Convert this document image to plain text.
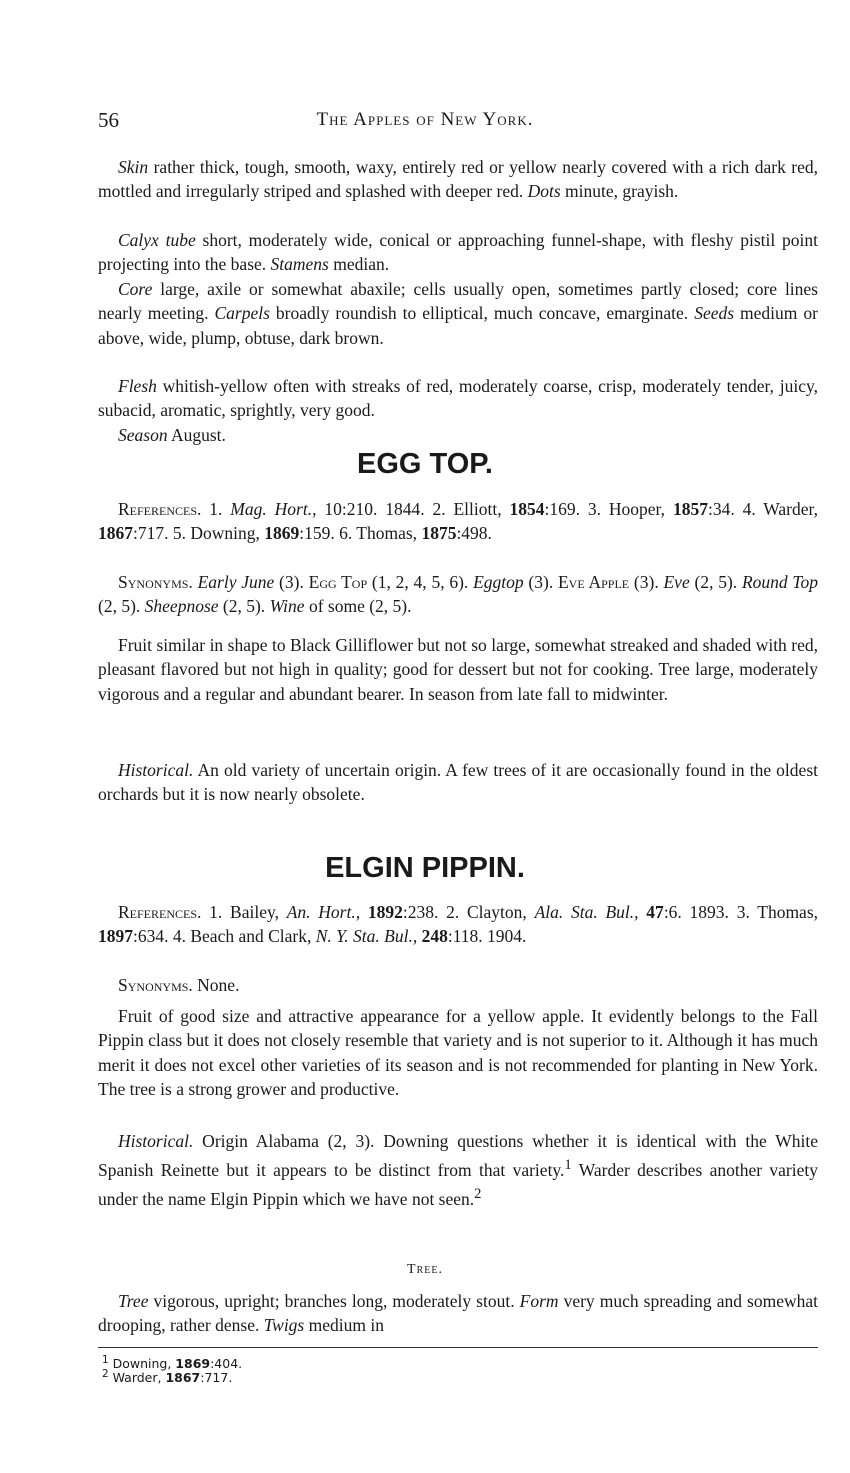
56	The Apples of New York.
Skin rather thick, tough, smooth, waxy, entirely red or yellow nearly covered with a rich dark red, mottled and irregularly striped and splashed with deeper red. Dots minute, grayish.
Calyx tube short, moderately wide, conical or approaching funnel-shape, with fleshy pistil point projecting into the base. Stamens median.
Core large, axile or somewhat abaxile; cells usually open, sometimes partly closed; core lines nearly meeting. Carpels broadly roundish to elliptical, much concave, emarginate. Seeds medium or above, wide, plump, obtuse, dark brown.
Flesh whitish-yellow often with streaks of red, moderately coarse, crisp, moderately tender, juicy, subacid, aromatic, sprightly, very good.
Season August.
EGG TOP.
References. 1. Mag. Hort., 10:210. 1844. 2. Elliott, 1854:169. 3. Hooper, 1857:34. 4. Warder, 1867:717. 5. Downing, 1869:159. 6. Thomas, 1875:498.
Synonyms. Early June (3). Egg Top (1, 2, 4, 5, 6). Eggtop (3). Eve Apple (3). Eve (2, 5). Round Top (2, 5). Sheepnose (2, 5). Wine of some (2, 5).
Fruit similar in shape to Black Gilliflower but not so large, somewhat streaked and shaded with red, pleasant flavored but not high in quality; good for dessert but not for cooking. Tree large, moderately vigorous and a regular and abundant bearer. In season from late fall to midwinter.
Historical. An old variety of uncertain origin. A few trees of it are occasionally found in the oldest orchards but it is now nearly obsolete.
ELGIN PIPPIN.
References. 1. Bailey, An. Hort., 1892:238. 2. Clayton, Ala. Sta. Bul., 47:6. 1893. 3. Thomas, 1897:634. 4. Beach and Clark, N. Y. Sta. Bul., 248:118. 1904.
Synonyms. None.
Fruit of good size and attractive appearance for a yellow apple. It evidently belongs to the Fall Pippin class but it does not closely resemble that variety and is not superior to it. Although it has much merit it does not excel other varieties of its season and is not recommended for planting in New York. The tree is a strong grower and productive.
Historical. Origin Alabama (2, 3). Downing questions whether it is identical with the White Spanish Reinette but it appears to be distinct from that variety.$^1$ Warder describes another variety under the name Elgin Pippin which we have not seen.$^2$
Tree.
Tree vigorous, upright; branches long, moderately stout. Form very much spreading and somewhat drooping, rather dense. Twigs medium in
$^1$ Downing, 1869:404.
$^2$ Warder, 1867:717.
